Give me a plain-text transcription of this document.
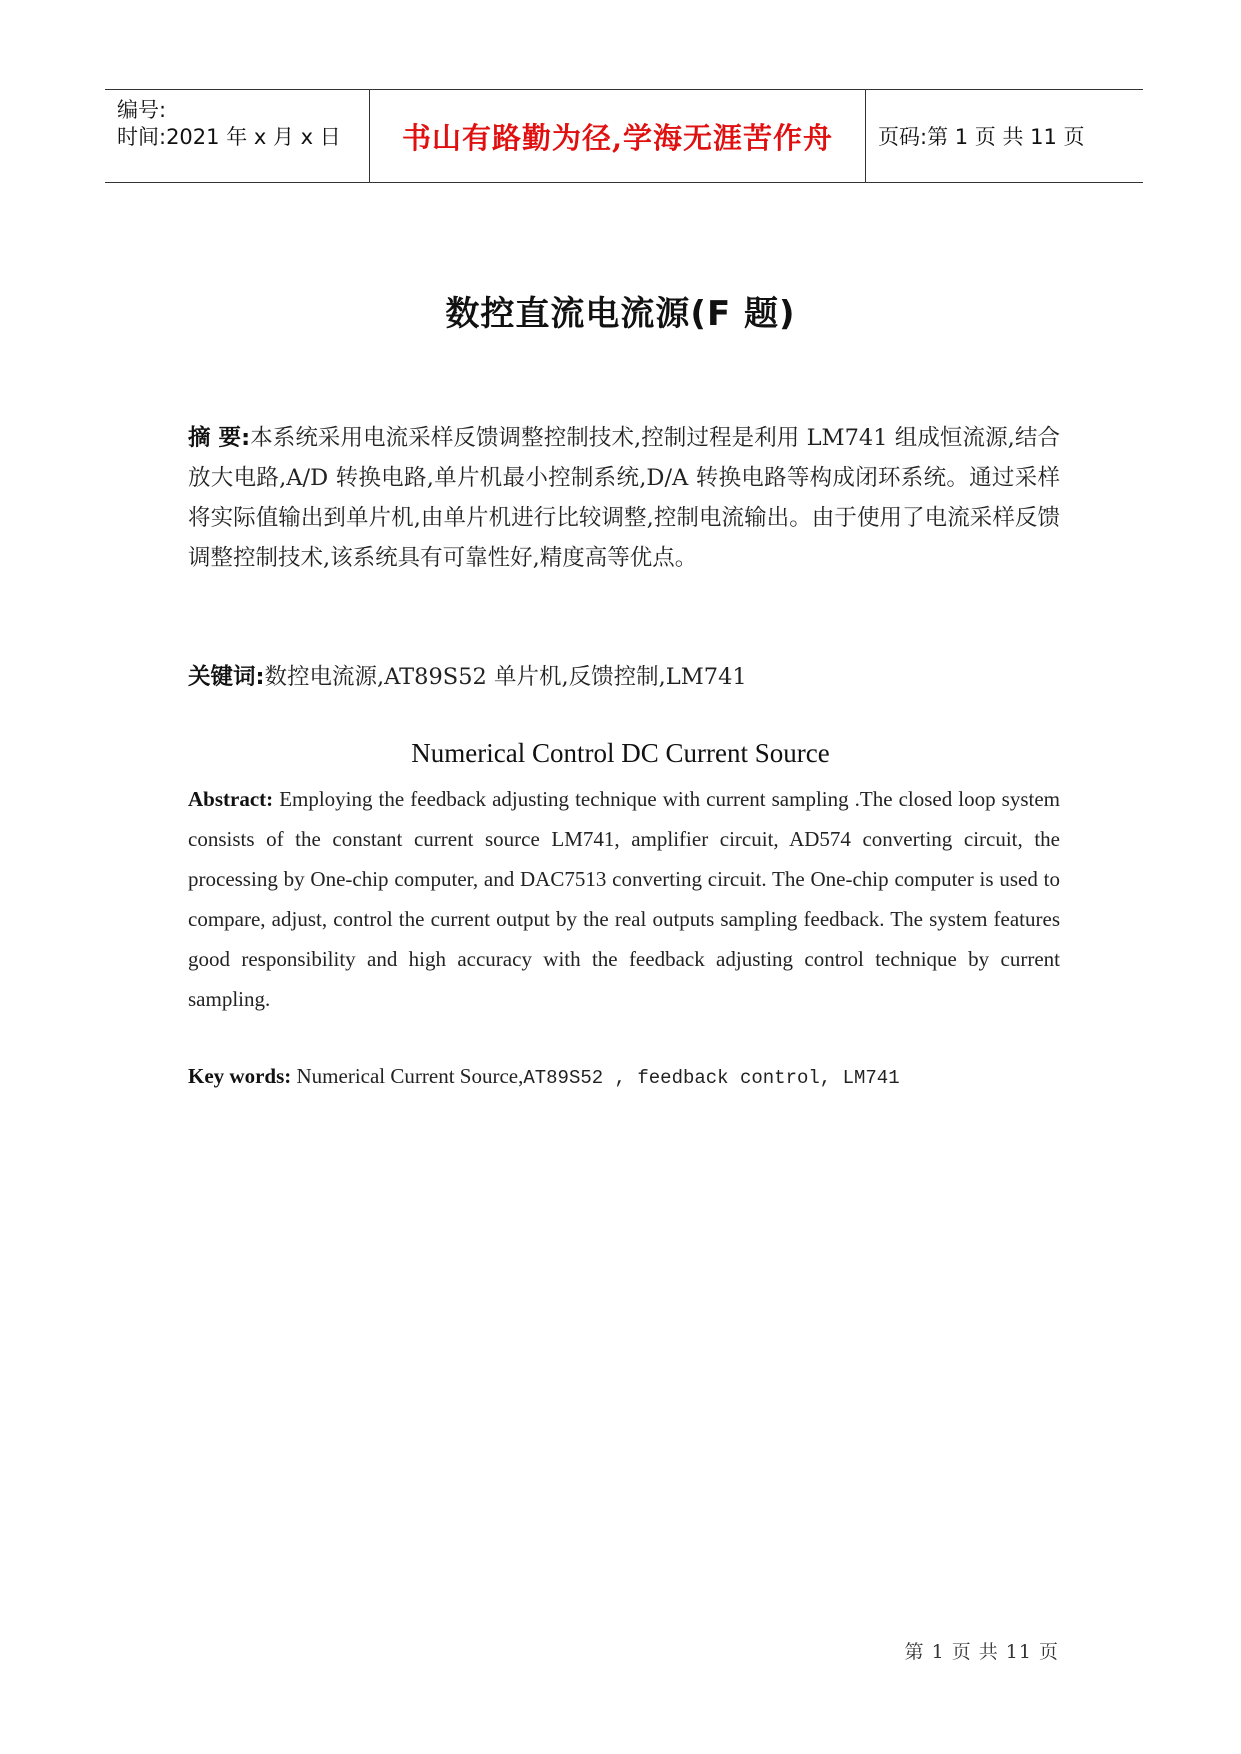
编号:
时间:2021 年 x 月 x 日 书山有路勤为径,学海无涯苦作舟 页码:第 1 页 共 11 页
数控直流电流源(F 题)
摘 要:本系统采用电流采样反馈调整控制技术,控制过程是利用 LM741 组成恒流源,结合放大电路,A/D 转换电路,单片机最小控制系统,D/A 转换电路等构成闭环系统。通过采样将实际值输出到单片机,由单片机进行比较调整,控制电流输出。由于使用了电流采样反馈调整控制技术,该系统具有可靠性好,精度高等优点。
关键词:数控电流源,AT89S52 单片机,反馈控制,LM741
Numerical Control DC Current Source
Abstract: Employing the feedback adjusting technique with current sampling .The closed loop system consists of the constant current source LM741, amplifier circuit, AD574 converting circuit, the processing by One-chip computer, and DAC7513 converting circuit. The One-chip computer is used to compare, adjust, control the current output by the real outputs sampling feedback. The system features good responsibility and high accuracy with the feedback adjusting control technique by current sampling.
Key words: Numerical Current Source,AT89S52 , feedback control, LM741
第 1 页 共 11 页
